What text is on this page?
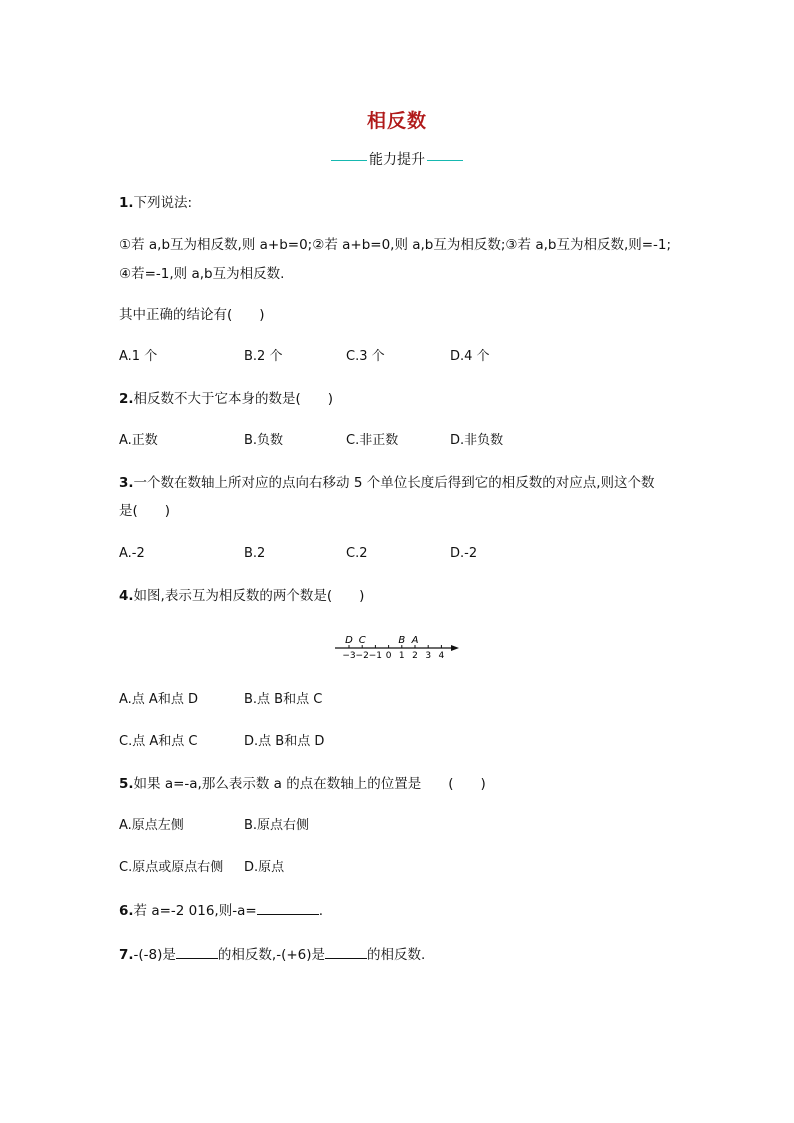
相反数
能力提升
1.下列说法:
①若 a,b互为相反数,则 a+b=0;②若 a+b=0,则 a,b互为相反数;③若 a,b互为相反数,则=-1;
④若=-1,则 a,b互为相反数.
其中正确的结论有(　　)
A.1 个	B.2 个	C.3 个	D.4 个
2.相反数不大于它本身的数是(　　)
A.正数	B.负数	C.非正数	D.非负数
3.一个数在数轴上所对应的点向右移动 5 个单位长度后得到它的相反数的对应点,则这个数
是(　　)
A.-2	B.2	C.2	D.-2
4.如图,表示互为相反数的两个数是(　　)
−3 −2 −1 0 1 2 3 4
D C	B A
A.点 A和点 D	B.点 B和点 C
C.点 A和点 C	D.点 B和点 D
5.如果 a=-a,那么表示数 a 的点在数轴上的位置是　　(　　)
A.原点左侧	B.原点右侧
C.原点或原点右侧 D.原点
6.若 a=-2 016,则-a=	.
7.-(-8)是	的相反数,-(+6)是	的相反数.
